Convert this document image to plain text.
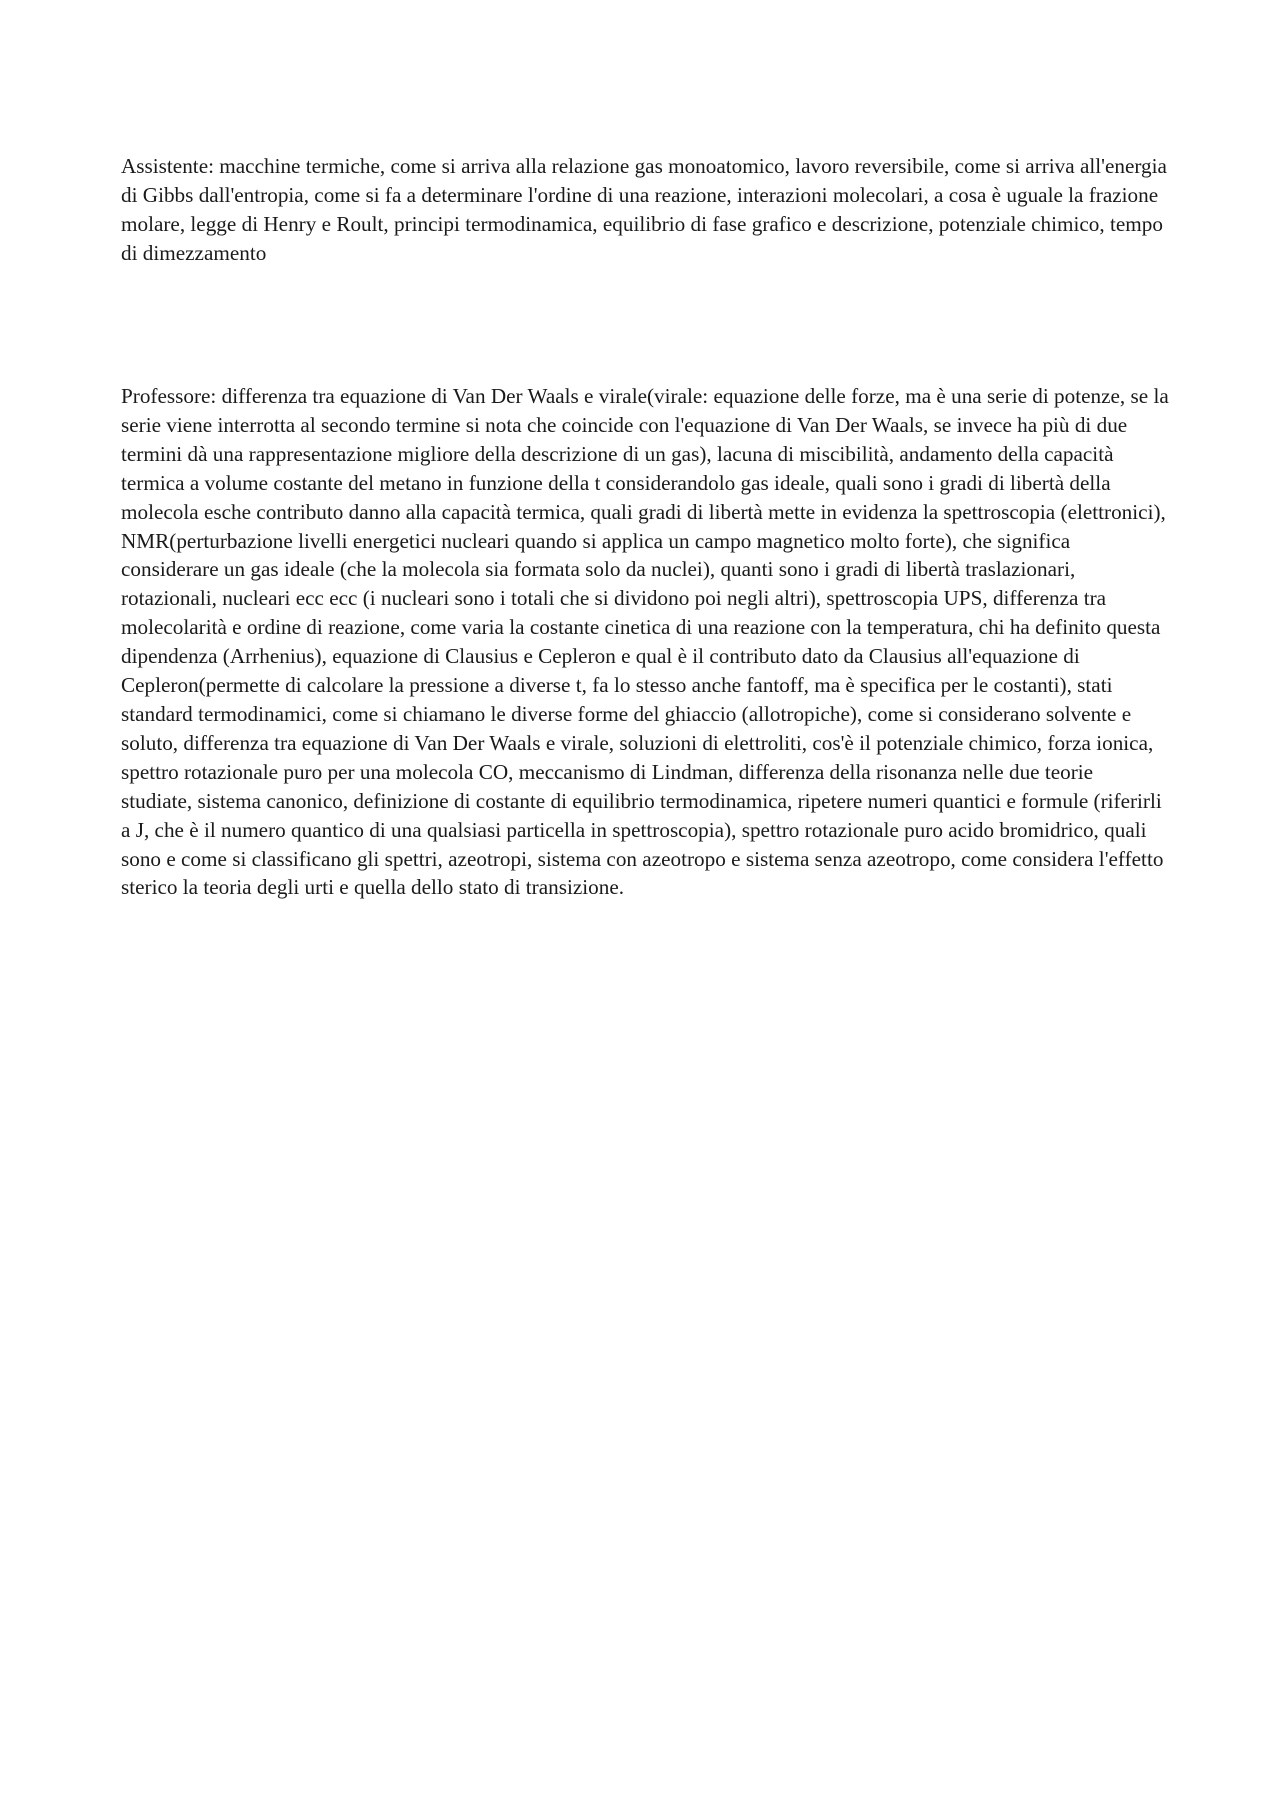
Assistente: macchine termiche, come si arriva alla relazione gas monoatomico, lavoro reversibile, come si arriva all'energia di Gibbs dall'entropia, come si fa a determinare l'ordine di una reazione, interazioni molecolari, a cosa è uguale la frazione molare, legge di Henry e Roult, principi termodinamica, equilibrio di fase grafico e descrizione, potenziale chimico, tempo di dimezzamento

Professore: differenza tra equazione di Van Der Waals e virale(virale: equazione delle forze, ma è una serie di potenze, se la serie viene interrotta al secondo termine si nota che coincide con l'equazione di Van Der Waals, se invece ha più di due termini dà una rappresentazione migliore della descrizione di un gas), lacuna di miscibilità, andamento della capacità termica a volume costante del metano in funzione della t considerandolo gas ideale, quali sono i gradi di libertà della molecola esche contributo danno alla capacità termica, quali gradi di libertà mette in evidenza la spettroscopia (elettronici), NMR(perturbazione livelli energetici nucleari quando si applica un campo magnetico molto forte), che significa considerare un gas ideale (che la molecola sia formata solo da nuclei), quanti sono i gradi di libertà traslazionari, rotazionali, nucleari ecc ecc (i nucleari sono i totali che si dividono poi negli altri), spettroscopia UPS, differenza tra molecolarità e ordine di reazione, come varia la costante cinetica di una reazione con la temperatura, chi ha definito questa dipendenza (Arrhenius), equazione di Clausius e Cepleron e qual è il contributo dato da Clausius all'equazione di Cepleron(permette di calcolare la pressione a diverse t, fa lo stesso anche fantoff, ma è specifica per le costanti), stati standard termodinamici, come si chiamano le diverse forme del ghiaccio (allotropiche), come si considerano solvente e soluto, differenza tra equazione di Van Der Waals e virale, soluzioni di elettroliti, cos'è il potenziale chimico, forza ionica, spettro rotazionale puro per una molecola CO, meccanismo di Lindman, differenza della risonanza nelle due teorie studiate, sistema canonico, definizione di costante di equilibrio termodinamica, ripetere numeri quantici e formule (riferirli a J, che è il numero quantico di una qualsiasi particella in spettroscopia), spettro rotazionale puro acido bromidrico, quali sono e come si classificano gli spettri, azeotropi, sistema con azeotropo e sistema senza azeotropo, come considera l'effetto sterico la teoria degli urti e quella dello stato di transizione.
